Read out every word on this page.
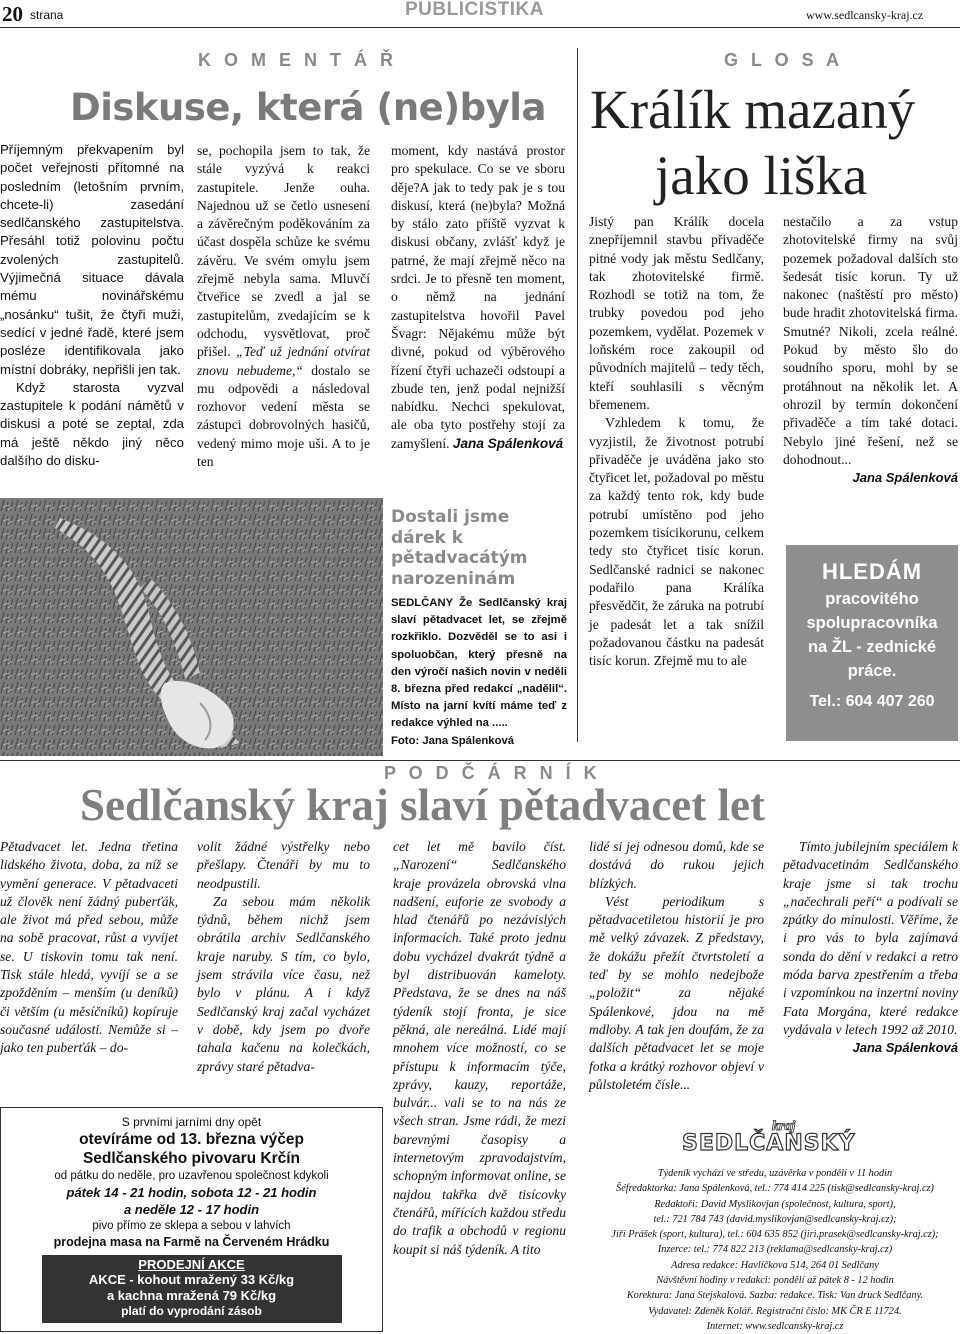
20 strana	PUBLICISTIKA	www.sedlcansky-kraj.cz
K O M E N T Á Ř
Diskuse, která (ne)byla

Příjemným překvapením byl počet veřejnosti přítomné na posledním (letošním prvním, chcete-li) zasedání sedlčanského zastupitelstva. Přesáhl totiž polovinu počtu zvolených zastupitelů. Výjimečná situace dávala mému novinářskému „nosánku“ tušit, že čtyři muži, sedící v jedné řadě, které jsem posléze identifikovala jako místní dobráky, nepřišli jen tak.

Když starosta vyzval zastupitele k podání námětů v diskusi a poté se zeptal, zda má ještě někdo jiný něco dalšího do disku-

se, pochopila jsem to tak, že stále vyzývá k reakci zastupitele. Jenže ouha. Najednou už se četlo usnesení a závěrečným poděkováním za účast dospěla schůze ke svému závěru. Ve svém omylu jsem zřejmě nebyla sama. Mluvčí čtveřice se zvedl a jal se zastupitelům, zvedajícím se k odchodu, vysvětlovat, proč přišel. „Teď už jednání otvírat znovu nebudeme,“ dostalo se mu odpovědi a následoval rozhovor vedení města se zástupci dobrovolných hasičů, vedený mimo moje uši. A to je ten

moment, kdy nastává prostor pro spekulace. Co se ve sboru děje?A jak to tedy pak je s tou diskusí, která (ne)byla? Možná by stálo zato příště vyzvat k diskusi občany, zvlášť když je patrné, že mají zřejmě něco na srdci. Je to přesně ten moment, o němž na jednání zastupitelstva hovořil Pavel Švagr: Nějakému může být divné, pokud od výběrového řízení čtyři uchazeči odstoupí a zbude ten, jenž podal nejnižší nabídku. Nechci spekulovat, ale oba tyto postřehy stojí za zamyšlení. Jana Spálenková

Dostali jsme dárek k pětadvacátým narozeninám
SEDLČANY Že Sedlčanský kraj slaví pětadvacet let, se zřejmě rozkřiklo. Dozvěděl se to asi i spoluobčan, který přesně na den výročí našich novin v neděli 8. března před redakcí „nadělil“. Místo na jarní kvítí máme teď z redakce výhled na .....
Foto: Jana Spálenková
G L O S A
Králík mazaný
jako liška

Jistý pan Králík docela znepříjemnil stavbu přivaděče pitné vody jak městu Sedlčany, tak zhotovitelské firmě. Rozhodl se totiž na tom, že trubky povedou pod jeho pozemkem, vydělat. Pozemek v loňském roce zakoupil od původních majitelů – tedy těch, kteří souhlasili s věcným břemenem.

Vzhledem k tomu, že vyzjistil, že životnost potrubí přivaděče je uváděna jako sto čtyřicet let, požadoval po městu za každý tento rok, kdy bude potrubí umístěno pod jeho pozemkem tisícikorunu, celkem tedy sto čtyřicet tisíc korun. Sedlčanské radnici se nakonec podařilo pana Králíka přesvědčit, že záruka na potrubí je padesát let a tak snížil požadovanou částku na padesát tisíc korun. Zřejmě mu to ale

nestačilo a za vstup zhotovitelské firmy na svůj pozemek požadoval dalších sto šedesát tisíc korun. Ty už nakonec (naštěstí pro město) bude hradit zhotovitelská firma. Smutné? Nikoli, zcela reálné. Pokud by město šlo do soudního sporu, mohl by se protáhnout na několik let. A ohrozil by termín dokončení přivaděče a tím také dotaci. Nebylo jiné řešení, než se dohodnout...

Jana Spálenková
HLEDÁM
pracovitého
spolupracovníka
na ŽL - zednické
práce.
Tel.: 604 407 260
P O D Č Á R N Í K
Sedlčanský kraj slaví pětadvacet let

Pětadvacet let. Jedna třetina lidského života, doba, za níž se vymění generace. V pětadvaceti už člověk není žádný puberťák, ale život má před sebou, může na sobě pracovat, růst a vyvíjet se. U tiskovin tomu tak není. Tisk stále hledá, vyvíjí se a se zpožděním – menším (u deníků) či větším (u měsíčníků) kopíruje současné události. Nemůže si – jako ten puberťák – do-

volit žádné výstřelky nebo přešlapy. Čtenáři by mu to neodpustili.

Za sebou mám několik týdnů, během nichž jsem obrátila archiv Sedlčanského kraje naruby. S tím, co bylo, jsem strávila více času, než bylo v plánu. A i když Sedlčanský kraj začal vycházet v době, kdy jsem po dvoře tahala kačenu na kolečkách, zprávy staré pětadva-

cet let mě bavilo číst. „Narození“ Sedlčanského kraje provázela obrovská vlna nadšení, euforie ze svobody a hlad čtenářů po nezávislých informacích. Také proto jednu dobu vycházel dvakrát týdně a byl distribuován kameloty. Představa, že se dnes na náš týdeník stojí fronta, je sice pěkná, ale nereálná. Lidé mají mnohem více možností, co se přístupu k informacím týče, zprávy, kauzy, reportáže, bulvár... vali se to na nás ze všech stran. Jsme rádi, že mezi barevnými časopisy a internetovým zpravodajstvím, schopným informovat online, se najdou takřka dvě tisícovky čtenářů, mířících každou středu do trafik a obchodů v regionu koupit si náš týdeník. A tito

lidé si jej odnesou domů, kde se dostává do rukou jejich blízkých.

Vést periodikum s pětadvacetiletou historií je pro mě velký závazek. Z představy, že dokážu přežít čtvrtstoletí a teď by se mohlo nedejbože „položit“ za nějaké Spálenkové, jdou na mě mdloby. A tak jen doufám, že za dalších pětadvacet let se moje fotka a krátký rozhovor objeví v půlstoletém čísle...

Tímto jubilejním speciálem k pětadvacetinám Sedlčanského kraje jsme si tak trochu „načechrali peří“ a podívali se zpátky do minulosti. Věříme, že i pro vás to byla zajímavá sonda do dění v redakci a retro móda barva zpestřením a třeba i vzpomínkou na inzertní noviny Fata Morgána, které redakce vydávala v letech 1992 až 2010.

Jana Spálenková
S prvními jarními dny opět
otevíráme od 13. března výčep
Sedlčanského pivovaru Krčín
od pátku do neděle, pro uzavřenou společnost kdykoli
pátek 14 - 21 hodin, sobota 12 - 21 hodin
a neděle 12 - 17 hodin
pivo přímo ze sklepa a sebou v lahvích
prodejna masa na Farmě na Červeném Hrádku
PRODEJNÍ AKCE
AKCE - kohout mražený 33 Kč/kg
a kachna mražená 79 Kč/kg
platí do vyprodání zásob
SEDLČANSKÝ
kraj
Týdeník vychází ve středu, uzávěrka v pondělí v 11 hodin
Šéfredaktorka: Jana Spálenková, tel.: 774 414 225 (tisk@sedlcansky-kraj.cz)
Redaktoři: David Myslikovjan (společnost, kultura, sport),
tel.: 721 784 743 (david.myslikovjan@sedlcansky-kraj.cz);
Jiří Prášek (sport, kultura), tel.: 604 635 852 (jiri.prasek@sedlcansky-kraj.cz);
Inzerce: tel.: 774 822 213 (reklama@sedlcansky-kraj.cz)
Adresa redakce: Havlíčkova 514, 264 01 Sedlčany
Návštěvní hodiny v redakci: pondělí až pátek 8 - 12 hodin
Korektura: Jana Stejskalová. Sazba: redakce. Tisk: Van druck Sedlčany.
Vydavatel: Zdeněk Kolář. Registrační číslo: MK ČR E 11724.
Internet: www.sedlcansky-kraj.cz
